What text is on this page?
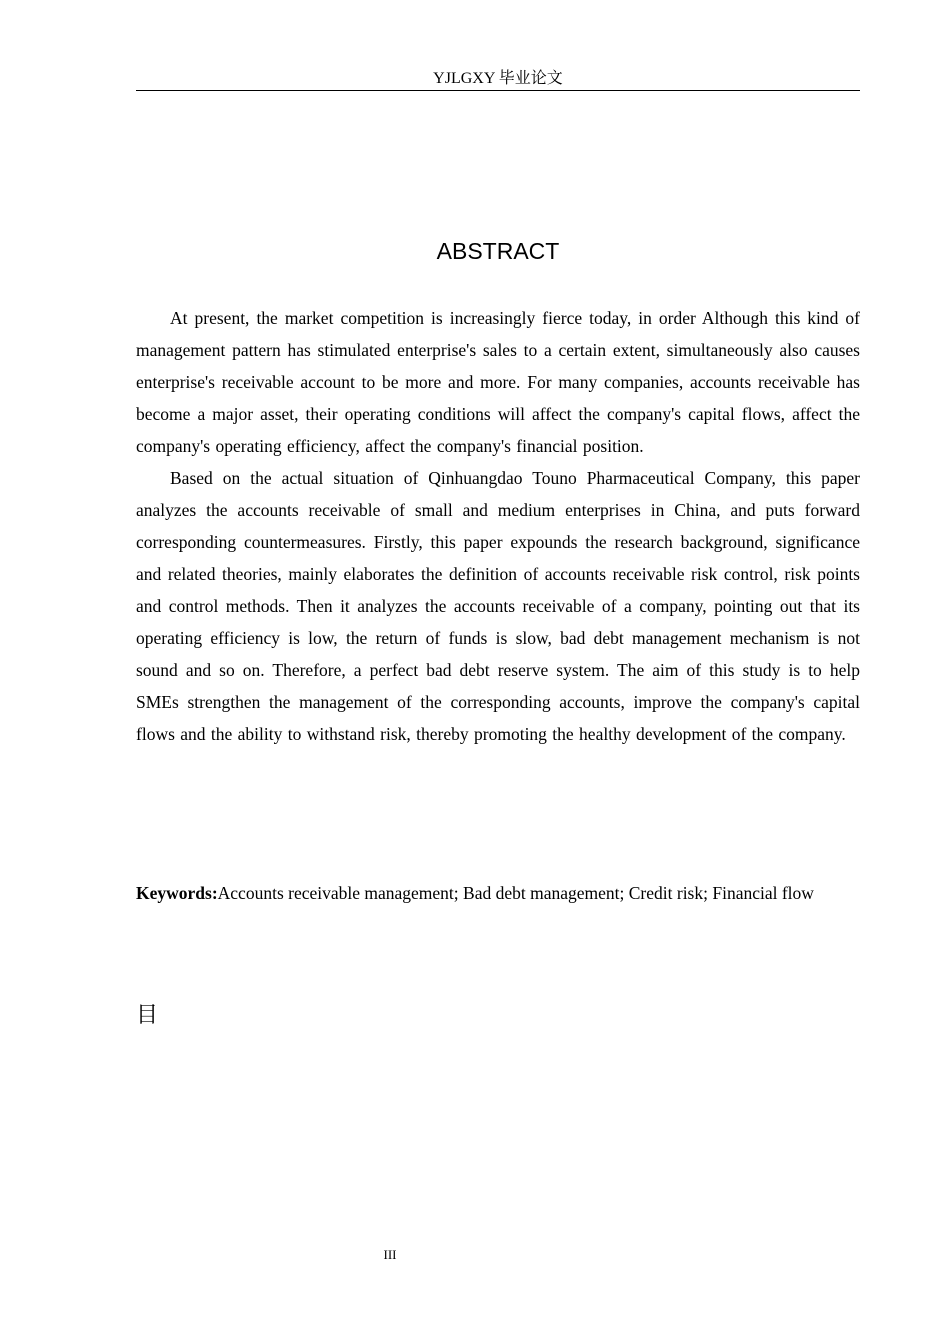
YJLGXY 毕业论文
ABSTRACT

At present, the market competition is increasingly fierce today, in order Although this kind of management pattern has stimulated enterprise's sales to a certain extent, simultaneously also causes enterprise's receivable account to be more and more. For many companies, accounts receivable has become a major asset, their operating conditions will affect the company's capital flows, affect the company's operating efficiency, affect the company's financial position.

Based on the actual situation of Qinhuangdao Touno Pharmaceutical Company, this paper analyzes the accounts receivable of small and medium enterprises in China, and puts forward corresponding countermeasures. Firstly, this paper expounds the research background, significance and related theories, mainly elaborates the definition of accounts receivable risk control, risk points and control methods. Then it analyzes the accounts receivable of a company, pointing out that its operating efficiency is low, the return of funds is slow, bad debt management mechanism is not sound and so on. Therefore, a perfect bad debt reserve system. The aim of this study is to help SMEs strengthen the management of the corresponding accounts, improve the company's capital flows and the ability to withstand risk, thereby promoting the healthy development of the company.

Keywords:Accounts receivable management; Bad debt management; Credit risk; Financial flow

目
III
